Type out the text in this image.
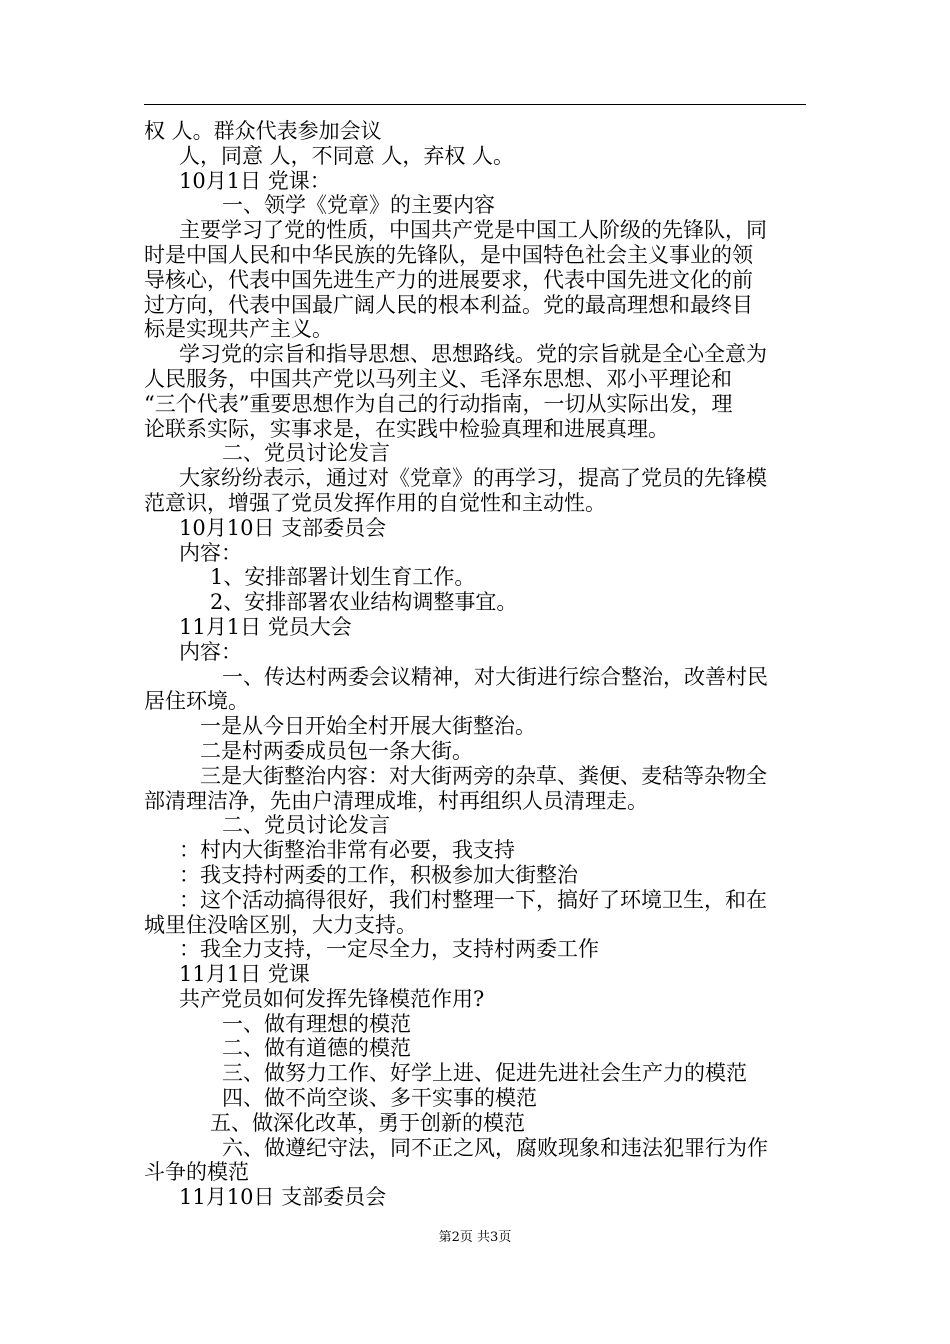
权 人。群众代表参加会议
人，同意 人，不同意 人，弃权 人。
10月1日 党课：
一、领学《党章》的主要内容
主要学习了党的性质，中国共产党是中国工人阶级的先锋队，同
时是中国人民和中华民族的先锋队，是中国特色社会主义事业的领
导核心，代表中国先进生产力的进展要求，代表中国先进文化的前
过方向，代表中国最广阔人民的根本利益。党的最高理想和最终目
标是实现共产主义。
学习党的宗旨和指导思想、思想路线。党的宗旨就是全心全意为
人民服务，中国共产党以马列主义、毛泽东思想、邓小平理论和
“三个代表”重要思想作为自己的行动指南，一切从实际出发，理
论联系实际，实事求是，在实践中检验真理和进展真理。
二、党员讨论发言
大家纷纷表示，通过对《党章》的再学习，提高了党员的先锋模
范意识，增强了党员发挥作用的自觉性和主动性。
10月10日 支部委员会
内容：
1、安排部署计划生育工作。
2、安排部署农业结构调整事宜。
11月1日 党员大会
内容：
一、传达村两委会议精神，对大街进行综合整治，改善村民
居住环境。
一是从今日开始全村开展大街整治。
二是村两委成员包一条大街。
三是大街整治内容：对大街两旁的杂草、粪便、麦秸等杂物全
部清理洁净，先由户清理成堆，村再组织人员清理走。
二、党员讨论发言
：村内大街整治非常有必要，我支持
：我支持村两委的工作，积极参加大街整治
：这个活动搞得很好，我们村整理一下，搞好了环境卫生，和在
城里住没啥区别，大力支持。
：我全力支持，一定尽全力，支持村两委工作
11月1日 党课
共产党员如何发挥先锋模范作用?
一、做有理想的模范
二、做有道德的模范
三、做努力工作、好学上进、促进先进社会生产力的模范
四、做不尚空谈、多干实事的模范
五、做深化改革，勇于创新的模范
六、做遵纪守法，同不正之风，腐败现象和违法犯罪行为作
斗争的模范
11月10日 支部委员会
第2页 共3页
